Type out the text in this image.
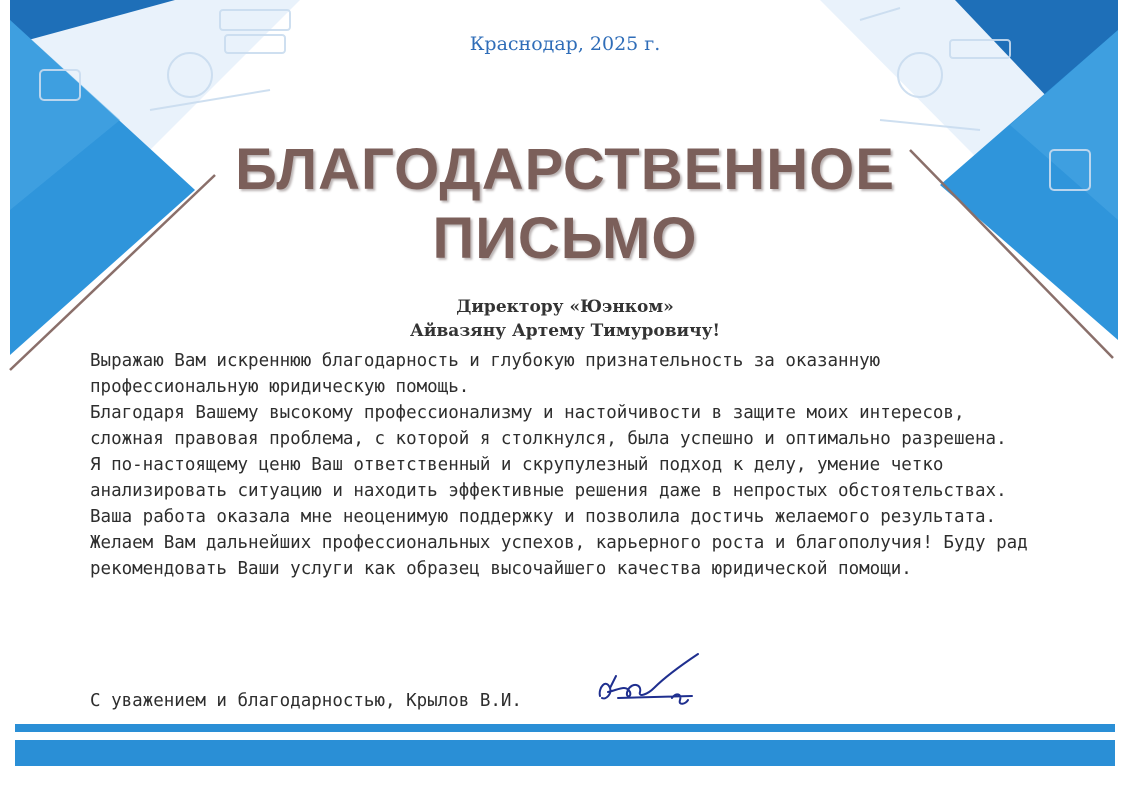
Краснодар, 2025 г.
БЛАГОДАРСТВЕННОЕ
ПИСЬМО
Директору «Юэнком»
Айвазяну Артему Тимуровичу!

Выражаю Вам искреннюю благодарность и глубокую признательность за оказанную профессиональную юридическую помощь.

Благодаря Вашему высокому профессионализму и настойчивости в защите моих интересов, сложная правовая проблема, с которой я столкнулся, была успешно и оптимально разрешена.

Я по-настоящему ценю Ваш ответственный и скрупулезный подход к делу, умение четко анализировать ситуацию и находить эффективные решения даже в непростых обстоятельствах. Ваша работа оказала мне неоценимую поддержку и позволила достичь желаемого результата.

Желаем Вам дальнейших профессиональных успехов, карьерного роста и благополучия! Буду рад рекомендовать Ваши услуги как образец высочайшего качества юридической помощи.

С уважением и благодарностью, Крылов В.И.
